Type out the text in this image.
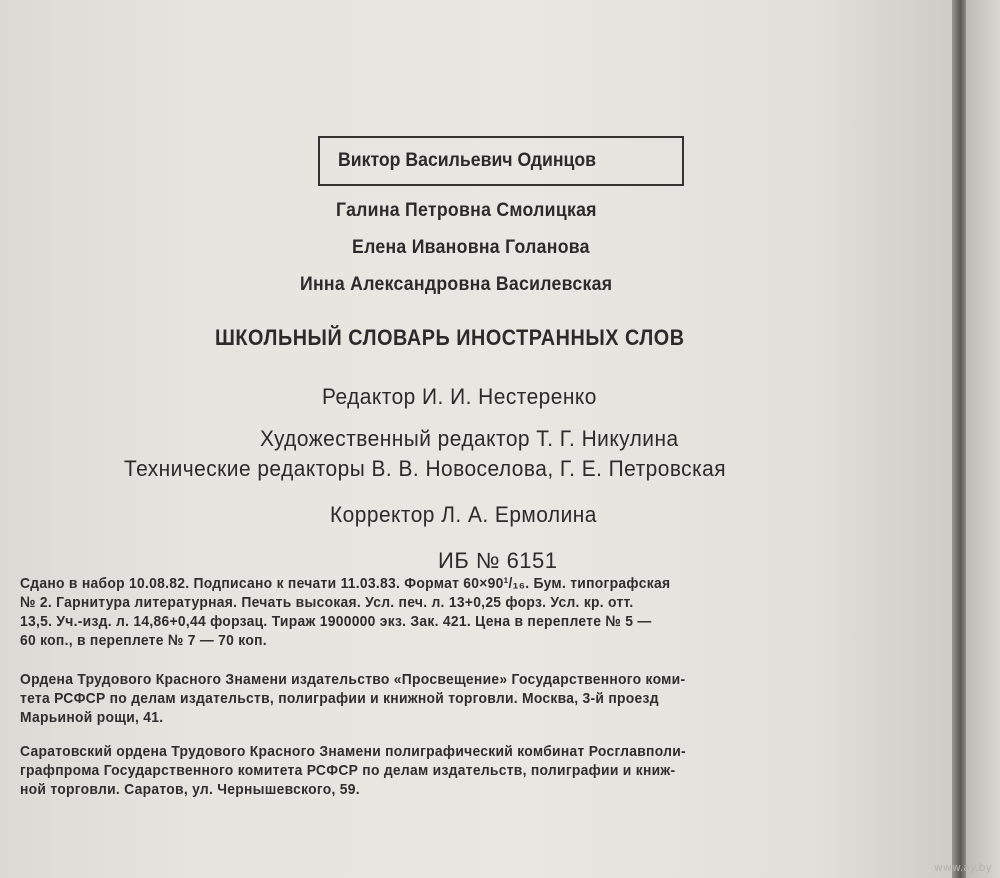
Виктор Васильевич Одинцов
Галина Петровна Смолицкая
Елена Ивановна Голанова
Инна Александровна Василевская
ШКОЛЬНЫЙ СЛОВАРЬ ИНОСТРАННЫХ СЛОВ
Редактор И. И. Нестеренко
Художественный редактор Т. Г. Никулина
Технические редакторы В. В. Новоселова, Г. Е. Петровская
Корректор Л. А. Ермолина
ИБ № 6151
Сдано в набор 10.08.82. Подписано к печати 11.03.83. Формат 60×90¹/₁₆. Бум. типографская
№ 2. Гарнитура литературная. Печать высокая. Усл. печ. л. 13+0,25 форз. Усл. кр. отт.
13,5. Уч.-изд. л. 14,86+0,44 форзац. Тираж 1900000 экз. Зак. 421. Цена в переплете № 5 —
60 коп., в переплете № 7 — 70 коп.
Ордена Трудового Красного Знамени издательство «Просвещение» Государственного коми-
тета РСФСР по делам издательств, полиграфии и книжной торговли. Москва, 3-й проезд
Марьиной рощи, 41.
Саратовский ордена Трудового Красного Знамени полиграфический комбинат Росглавполи-
графпрома Государственного комитета РСФСР по делам издательств, полиграфии и книж-
ной торговли. Саратов, ул. Чернышевского, 59.
www.ay.by
